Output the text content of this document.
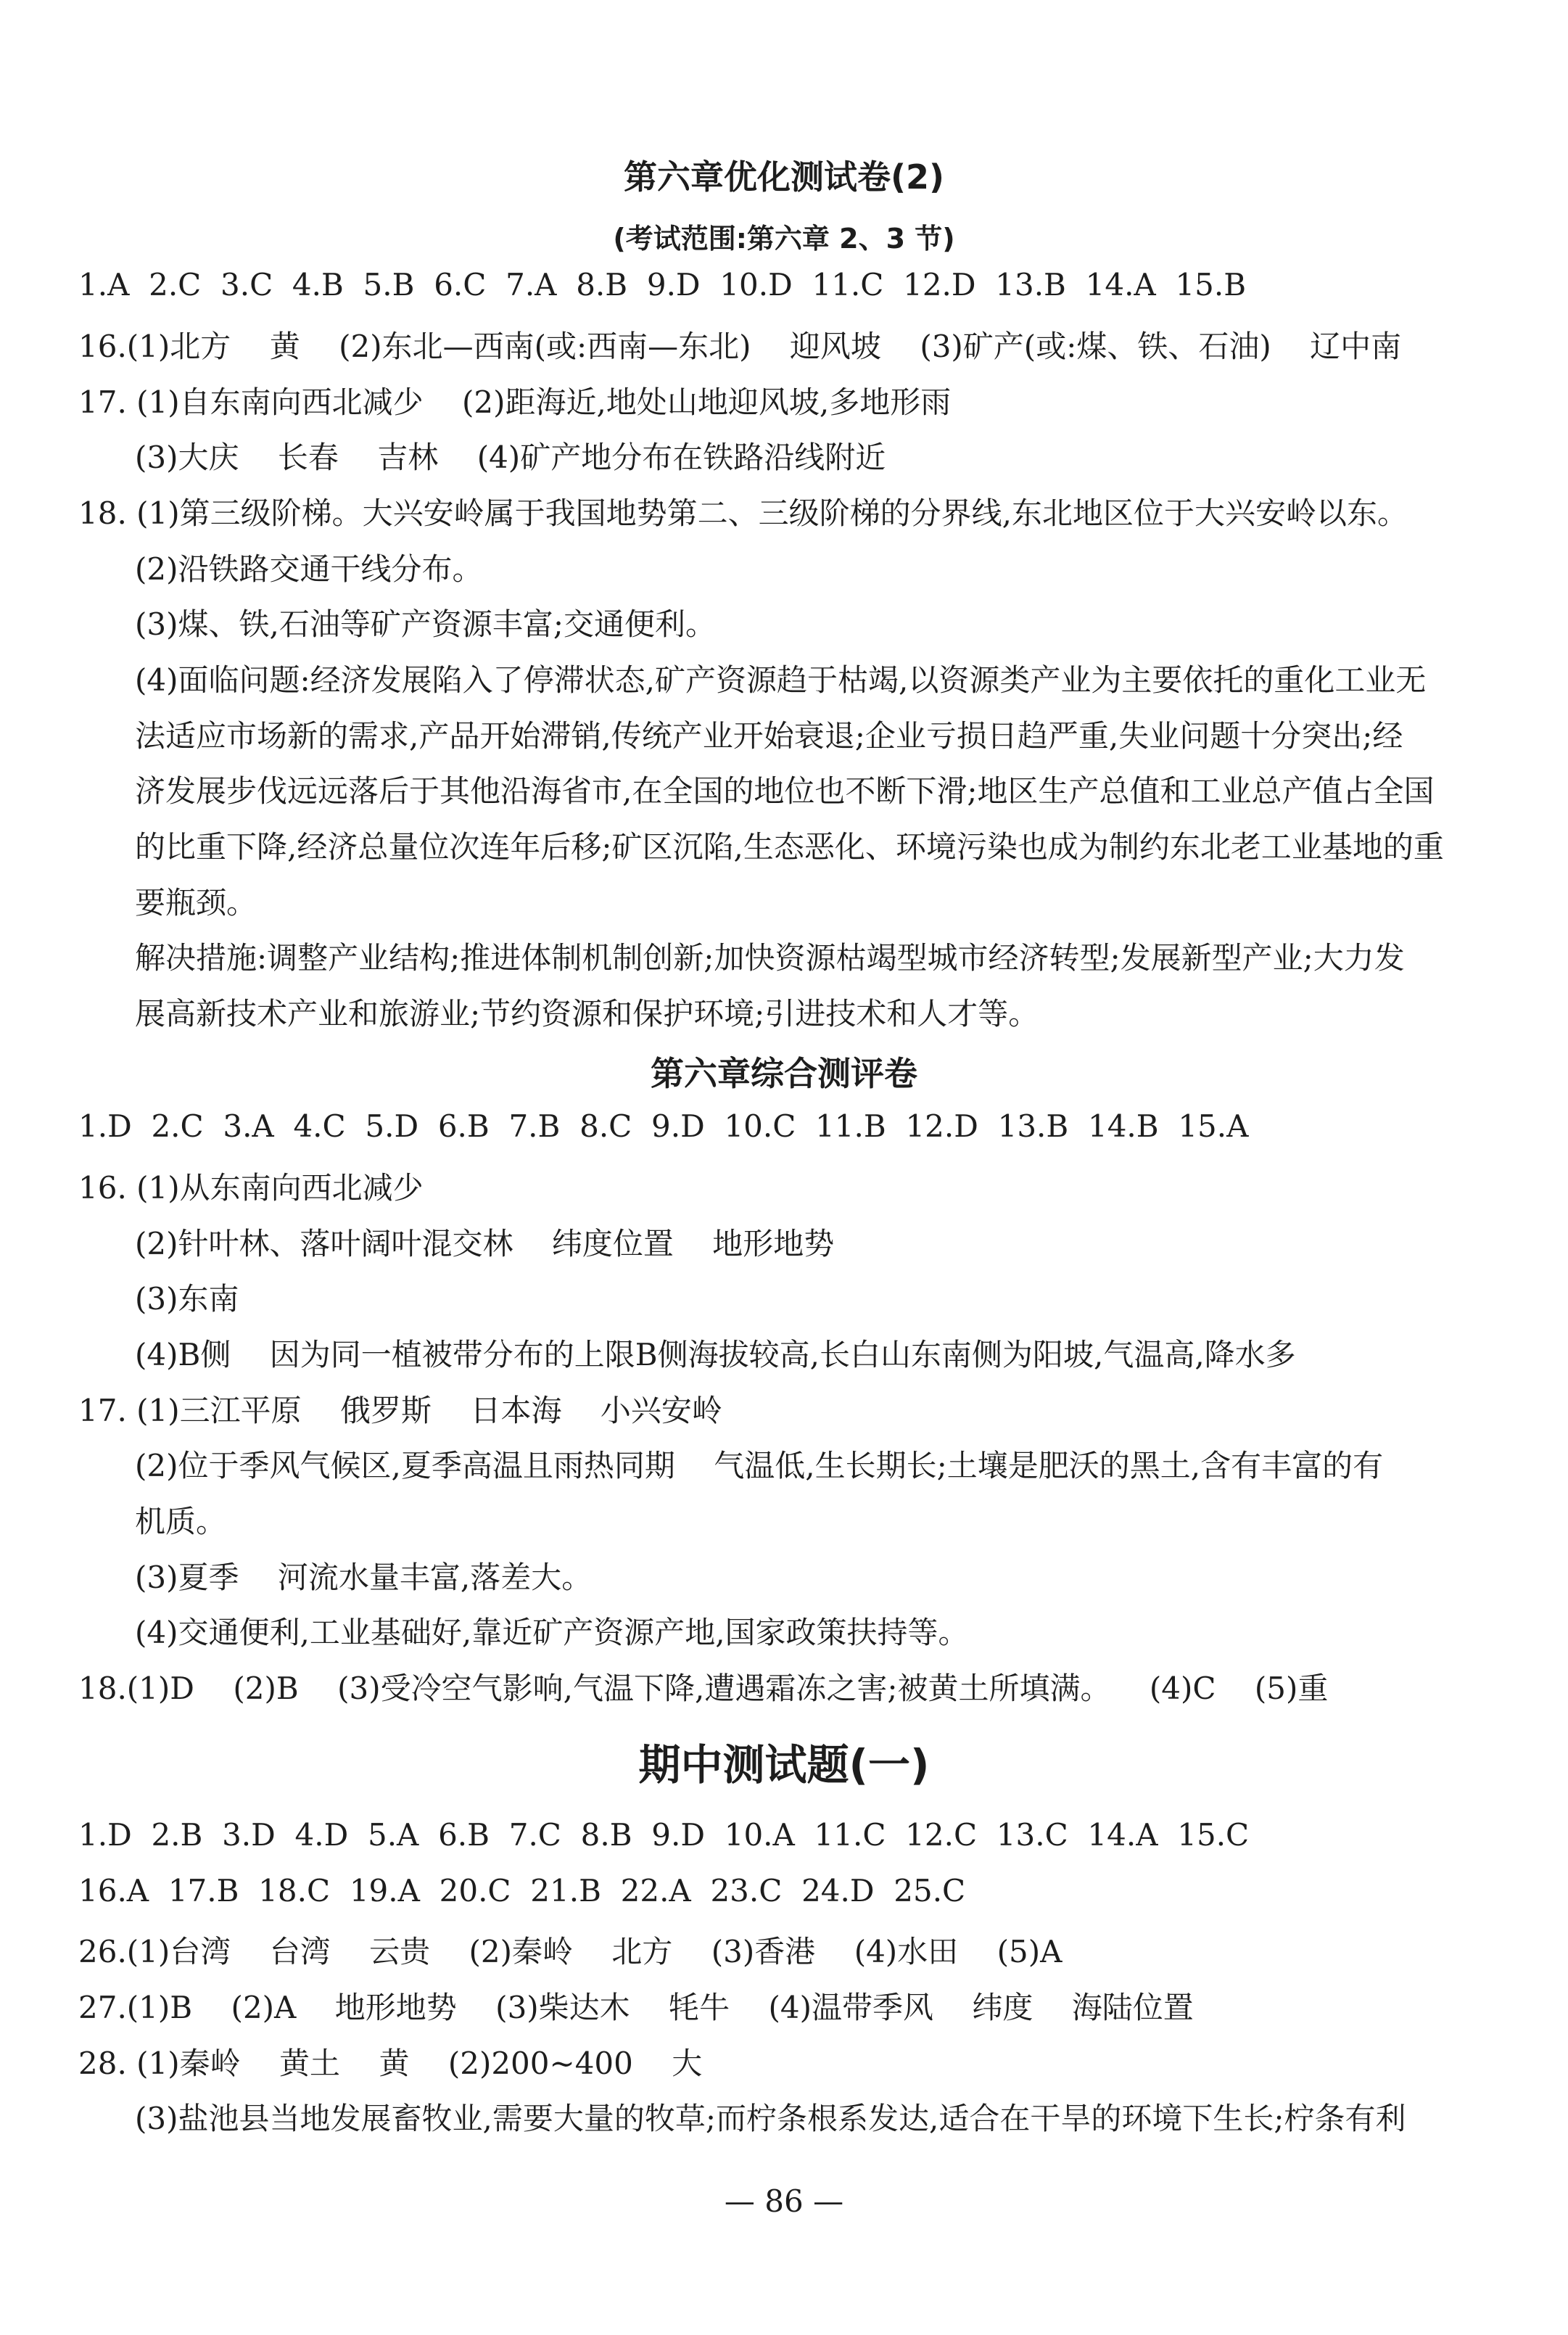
第六章优化测试卷(2)
(考试范围:第六章 2、3 节)
1.A  2.C  3.C  4.B  5.B  6.C  7.A  8.B  9.D  10.D  11.C  12.D  13.B  14.A  15.B
16.(1)北方    黄    (2)东北—西南(或:西南—东北)    迎风坡    (3)矿产(或:煤、铁、石油)    辽中南
17. (1)自东南向西北减少    (2)距海近,地处山地迎风坡,多地形雨
(3)大庆    长春    吉林    (4)矿产地分布在铁路沿线附近
18. (1)第三级阶梯。大兴安岭属于我国地势第二、三级阶梯的分界线,东北地区位于大兴安岭以东。
(2)沿铁路交通干线分布。
(3)煤、铁,石油等矿产资源丰富;交通便利。
(4)面临问题:经济发展陷入了停滞状态,矿产资源趋于枯竭,以资源类产业为主要依托的重化工业无
法适应市场新的需求,产品开始滞销,传统产业开始衰退;企业亏损日趋严重,失业问题十分突出;经
济发展步伐远远落后于其他沿海省市,在全国的地位也不断下滑;地区生产总值和工业总产值占全国
的比重下降,经济总量位次连年后移;矿区沉陷,生态恶化、环境污染也成为制约东北老工业基地的重
要瓶颈。
解决措施:调整产业结构;推进体制机制创新;加快资源枯竭型城市经济转型;发展新型产业;大力发
展高新技术产业和旅游业;节约资源和保护环境;引进技术和人才等。
第六章综合测评卷
1.D  2.C  3.A  4.C  5.D  6.B  7.B  8.C  9.D  10.C  11.B  12.D  13.B  14.B  15.A
16. (1)从东南向西北减少
(2)针叶林、落叶阔叶混交林    纬度位置    地形地势
(3)东南
(4)B侧    因为同一植被带分布的上限B侧海拔较高,长白山东南侧为阳坡,气温高,降水多
17. (1)三江平原    俄罗斯    日本海    小兴安岭
(2)位于季风气候区,夏季高温且雨热同期    气温低,生长期长;土壤是肥沃的黑土,含有丰富的有
机质。
(3)夏季    河流水量丰富,落差大。
(4)交通便利,工业基础好,靠近矿产资源产地,国家政策扶持等。
18.(1)D    (2)B    (3)受冷空气影响,气温下降,遭遇霜冻之害;被黄土所填满。    (4)C    (5)重
期中测试题(一)
1.D  2.B  3.D  4.D  5.A  6.B  7.C  8.B  9.D  10.A  11.C  12.C  13.C  14.A  15.C
16.A  17.B  18.C  19.A  20.C  21.B  22.A  23.C  24.D  25.C
26.(1)台湾    台湾    云贵    (2)秦岭    北方    (3)香港    (4)水田    (5)A
27.(1)B    (2)A    地形地势    (3)柴达木    牦牛    (4)温带季风    纬度    海陆位置
28. (1)秦岭    黄土    黄    (2)200~400    大
(3)盐池县当地发展畜牧业,需要大量的牧草;而柠条根系发达,适合在干旱的环境下生长;柠条有利
— 86 —
